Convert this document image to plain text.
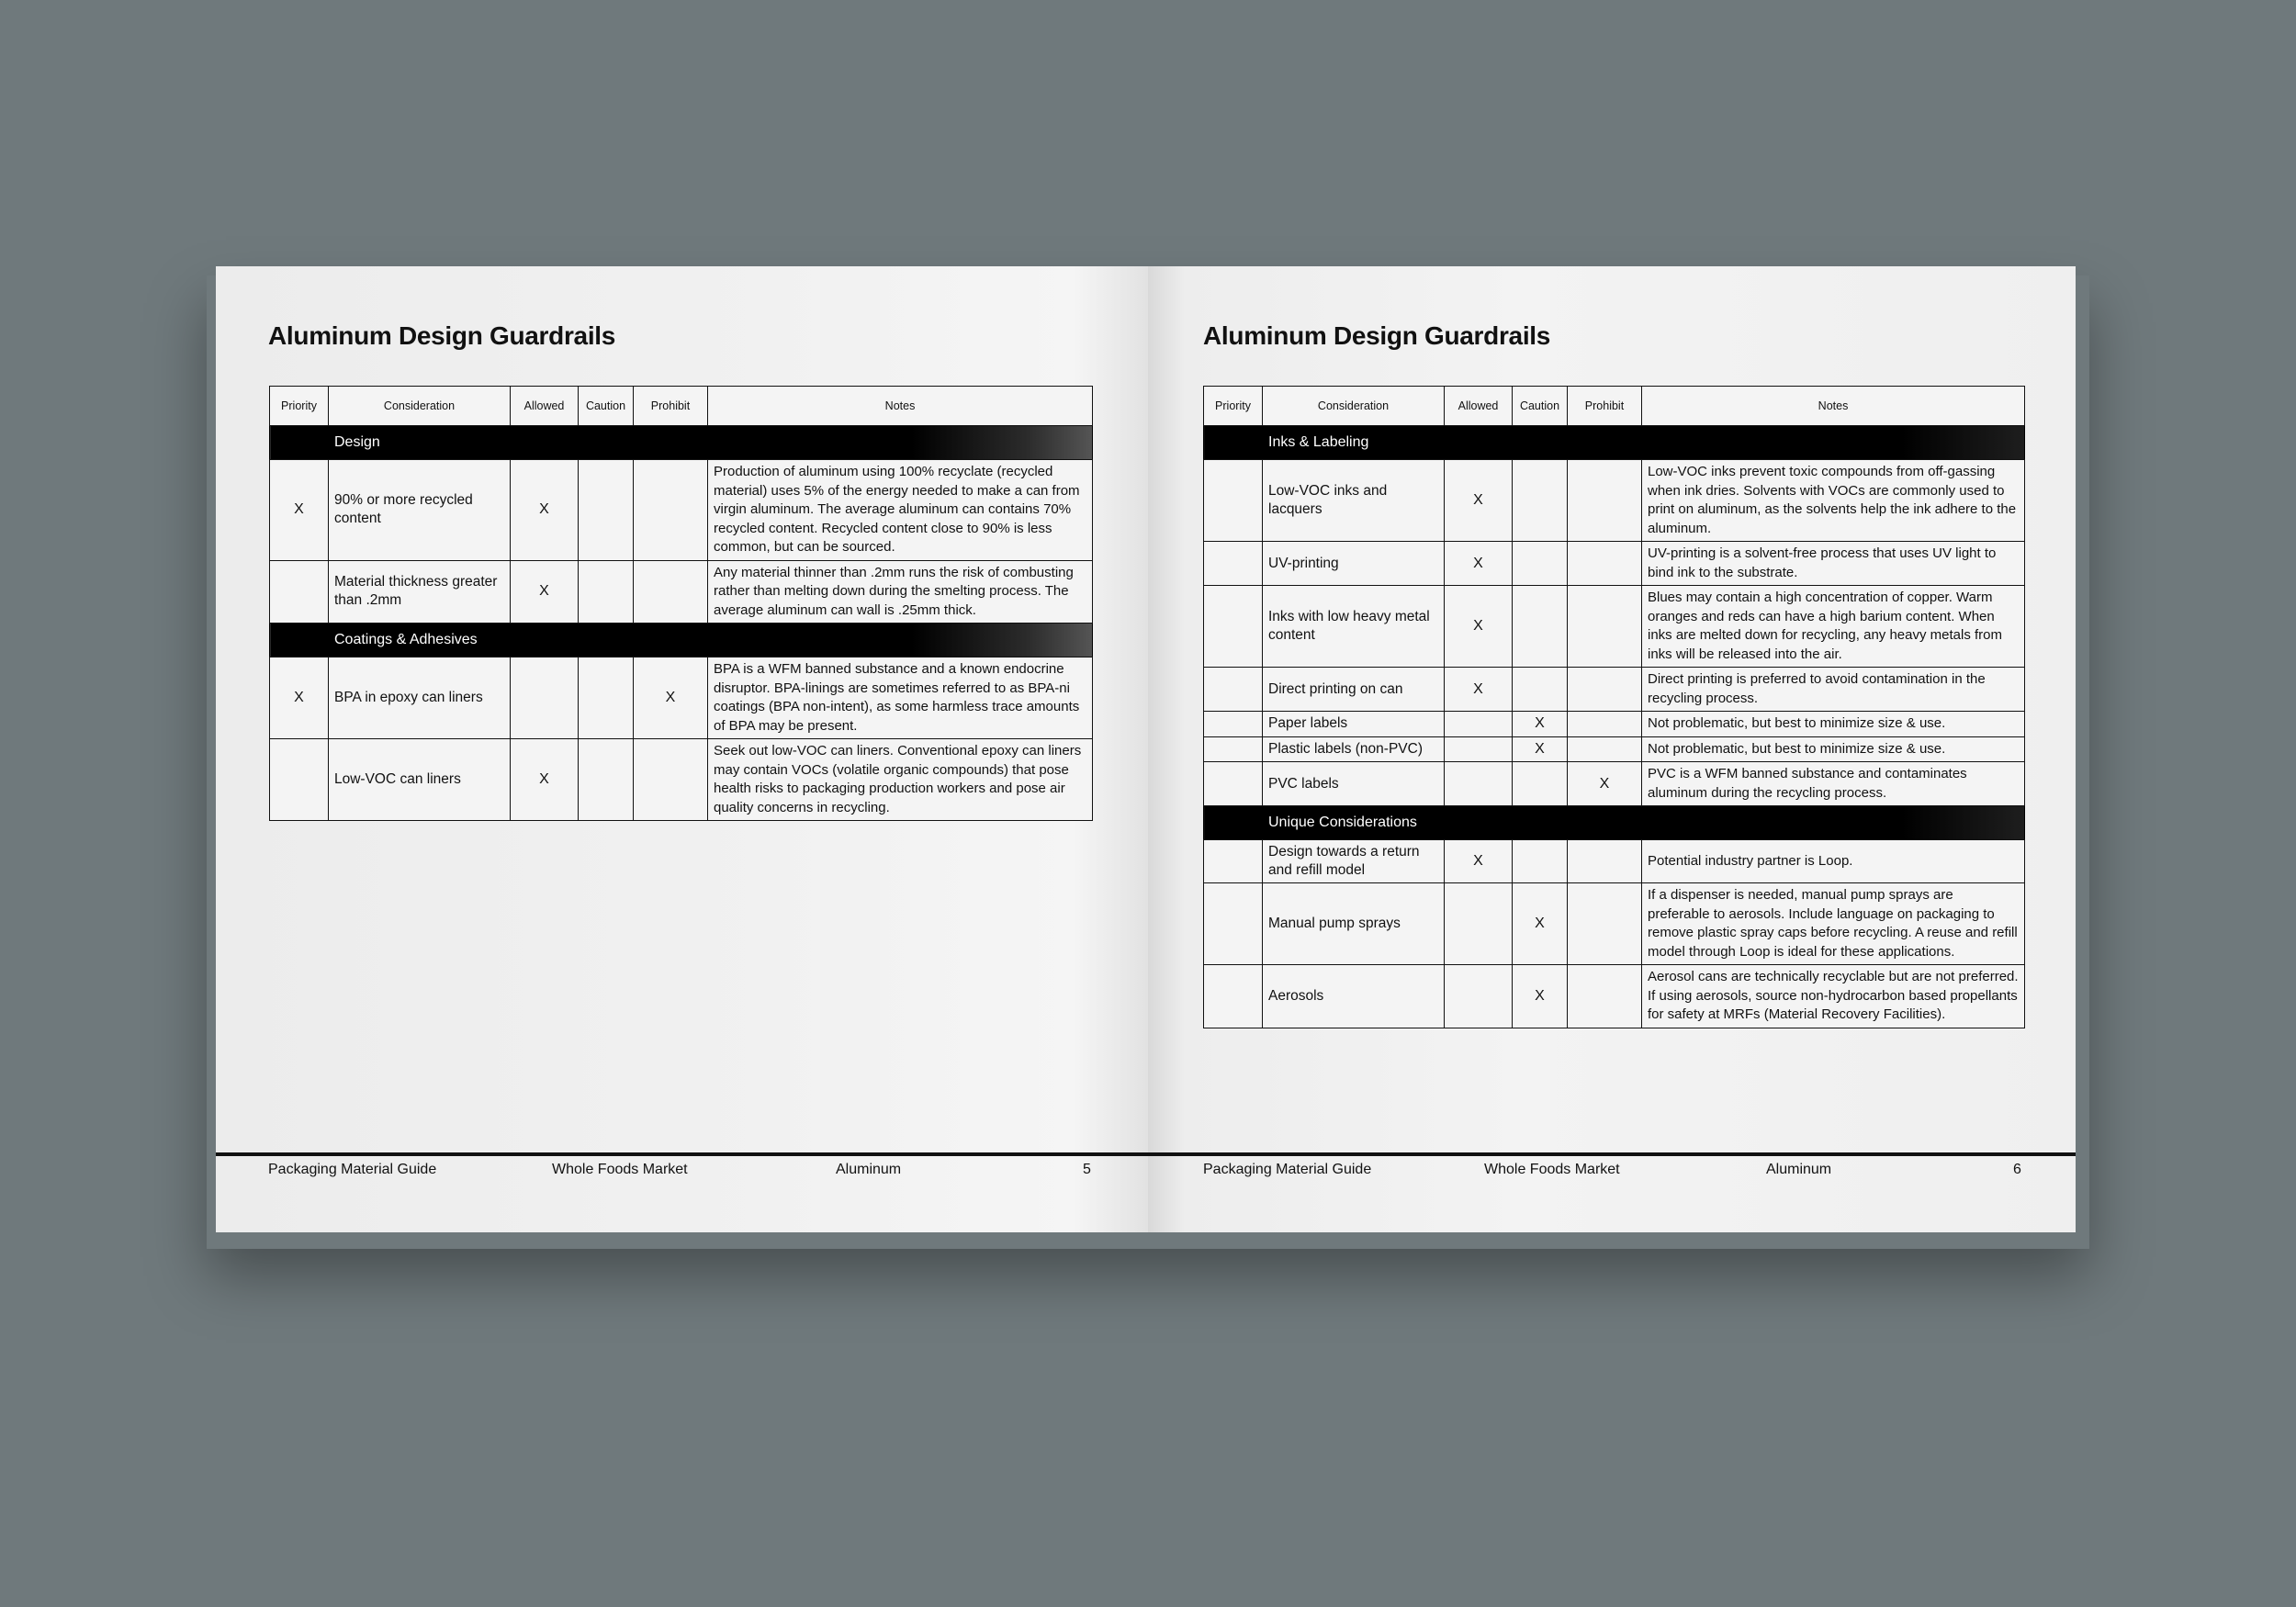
Aluminum Design Guardrails
Priority	Consideration	Allowed	Caution	Prohibit	Notes
Design					
X	90% or more recycled content	X			Production of aluminum using 100% recyclate (recycled material) uses 5% of the energy needed to make a can from virgin aluminum. The average aluminum can contains 70% recycled content. Recycled content close to 90% is less common, but can be sourced.
	Material thickness greater than .2mm	X			Any material thinner than .2mm runs the risk of combusting rather than melting down during the smelting process. The average aluminum can wall is .25mm thick.
Coatings & Adhesives					
X	BPA in epoxy can liners			X	BPA is a WFM banned substance and a known endocrine disruptor. BPA-linings are sometimes referred to as BPA-ni coatings (BPA non-intent), as some harmless trace amounts of BPA may be present.
	Low-VOC can liners	X			Seek out low-VOC can liners. Conventional epoxy can liners may contain VOCs (volatile organic compounds) that pose health risks to packaging production workers and pose air quality concerns in recycling.
Packaging Material Guide	Whole Foods Market	Aluminum	5
Aluminum Design Guardrails
Priority	Consideration	Allowed	Caution	Prohibit	Notes
Inks & Labeling					
	Low-VOC inks and lacquers	X			Low-VOC inks prevent toxic compounds from off-gassing when ink dries. Solvents with VOCs are commonly used to print on aluminum, as the solvents help the ink adhere to the aluminum.
	UV-printing	X			UV-printing is a solvent-free process that uses UV light to bind ink to the substrate.
	Inks with low heavy metal content	X			Blues may contain a high concentration of copper. Warm oranges and reds can have a high barium content. When inks are melted down for recycling, any heavy metals from inks will be released into the air.
	Direct printing on can	X			Direct printing is preferred to avoid contamination in the recycling process.
	Paper labels		X		Not problematic, but best to minimize size & use.
	Plastic labels (non-PVC)		X		Not problematic, but best to minimize size & use.
	PVC labels			X	PVC is a WFM banned substance and contaminates aluminum during the recycling process.
Unique Considerations					
	Design towards a return and refill model	X			Potential industry partner is Loop.
	Manual pump sprays		X		If a dispenser is needed, manual pump sprays are preferable to aerosols. Include language on packaging to remove plastic spray caps before recycling. A reuse and refill model through Loop is ideal for these applications.
	Aerosols		X		Aerosol cans are technically recyclable but are not preferred. If using aerosols, source non-hydrocarbon based propellants for safety at MRFs (Material Recovery Facilities).
Packaging Material Guide	Whole Foods Market	Aluminum	6
